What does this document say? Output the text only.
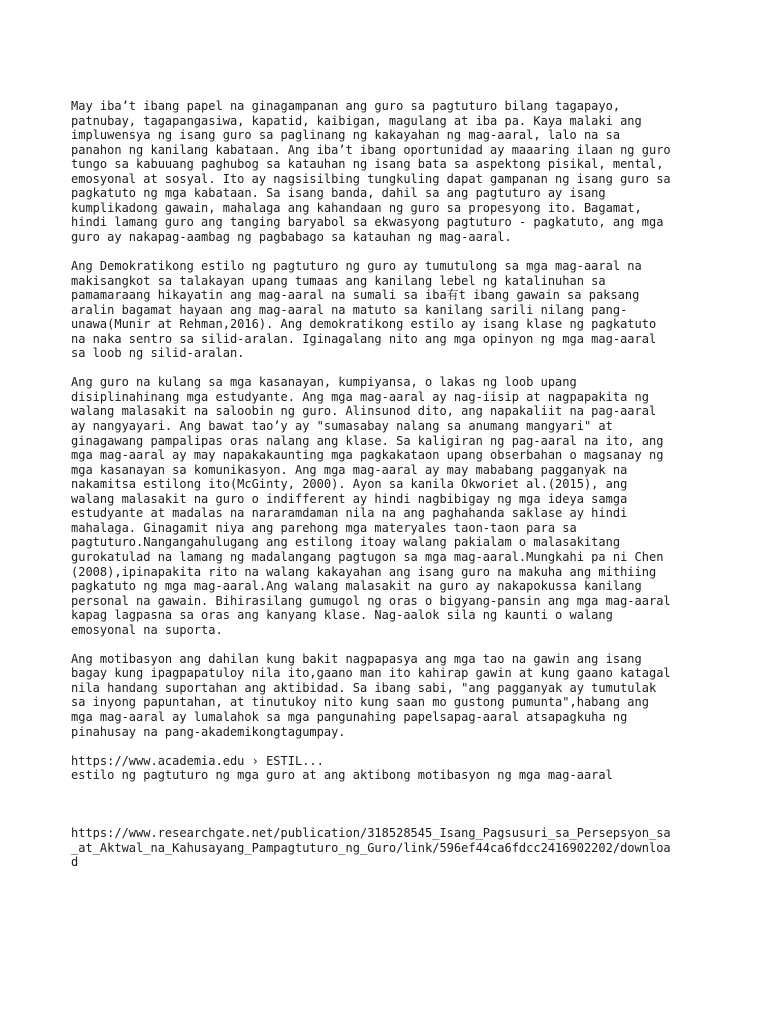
May iba’t ibang papel na ginagampanan ang guro sa pagtuturo bilang tagapayo,
patnubay, tagapangasiwa, kapatid, kaibigan, magulang at iba pa. Kaya malaki ang
impluwensya ng isang guro sa paglinang ng kakayahan ng mag-aaral, lalo na sa
panahon ng kanilang kabataan. Ang iba’t ibang oportunidad ay maaaring ilaan ng guro
tungo sa kabuuang paghubog sa katauhan ng isang bata sa aspektong pisikal, mental,
emosyonal at sosyal. Ito ay nagsisilbing tungkuling dapat gampanan ng isang guro sa
pagkatuto ng mga kabataan. Sa isang banda, dahil sa ang pagtuturo ay isang
kumplikadong gawain, mahalaga ang kahandaan ng guro sa propesyong ito. Bagamat,
hindi lamang guro ang tanging baryabol sa ekwasyong pagtuturo - pagkatuto, ang mga
guro ay nakapag-aambag ng pagbabago sa katauhan ng mag-aaral.

Ang Demokratikong estilo ng pagtuturo ng guro ay tumutulong sa mga mag-aaral na
makisangkot sa talakayan upang tumaas ang kanilang lebel ng katalinuhan sa
pamamaraang hikayatin ang mag-aaral na sumali sa iba有t ibang gawain sa paksang
aralin bagamat hayaan ang mag-aaral na matuto sa kanilang sarili nilang pang-
unawa(Munir at Rehman,2016). Ang demokratikong estilo ay isang klase ng pagkatuto
na naka sentro sa silid-aralan. Iginagalang nito ang mga opinyon ng mga mag-aaral
sa loob ng silid-aralan.

Ang guro na kulang sa mga kasanayan, kumpiyansa, o lakas ng loob upang
disiplinahinang mga estudyante. Ang mga mag-aaral ay nag-iisip at nagpapakita ng
walang malasakit na saloobin ng guro. Alinsunod dito, ang napakaliit na pag-aaral
ay nangyayari. Ang bawat tao’y ay "sumasabay nalang sa anumang mangyari" at
ginagawang pampalipas oras nalang ang klase. Sa kaligiran ng pag-aaral na ito, ang
mga mag-aaral ay may napakakaunting mga pagkakataon upang obserbahan o magsanay ng
mga kasanayan sa komunikasyon. Ang mga mag-aaral ay may mababang pagganyak na
nakamitsa estilong ito(McGinty, 2000). Ayon sa kanila Okworiet al.(2015), ang
walang malasakit na guro o indifferent ay hindi nagbibigay ng mga ideya samga
estudyante at madalas na nararamdaman nila na ang paghahanda saklase ay hindi
mahalaga. Ginagamit niya ang parehong mga materyales taon-taon para sa
pagtuturo.Nangangahulugang ang estilong itoay walang pakialam o malasakitang
gurokatulad na lamang ng madalangang pagtugon sa mga mag-aaral.Mungkahi pa ni Chen
(2008),ipinapakita rito na walang kakayahan ang isang guro na makuha ang mithiing
pagkatuto ng mga mag-aaral.Ang walang malasakit na guro ay nakapokussa kanilang
personal na gawain. Bihirasilang gumugol ng oras o bigyang-pansin ang mga mag-aaral
kapag lagpasna sa oras ang kanyang klase. Nag-aalok sila ng kaunti o walang
emosyonal na suporta.

Ang motibasyon ang dahilan kung bakit nagpapasya ang mga tao na gawin ang isang
bagay kung ipagpapatuloy nila ito,gaano man ito kahirap gawin at kung gaano katagal
nila handang suportahan ang aktibidad. Sa ibang sabi, "ang pagganyak ay tumutulak
sa inyong papuntahan, at tinutukoy nito kung saan mo gustong pumunta",habang ang
mga mag-aaral ay lumalahok sa mga pangunahing papelsapag-aaral atsapagkuha ng
pinahusay na pang-akademikongtagumpay.

https://www.academia.edu › ESTIL...

estilo ng pagtuturo ng mga guro at ang aktibong motibasyon ng mga mag-aaral

https://www.researchgate.net/publication/318528545_Isang_Pagsusuri_sa_Persepsyon_sa
_at_Aktwal_na_Kahusayang_Pampagtuturo_ng_Guro/link/596ef44ca6fdcc2416902202/downloa
d
